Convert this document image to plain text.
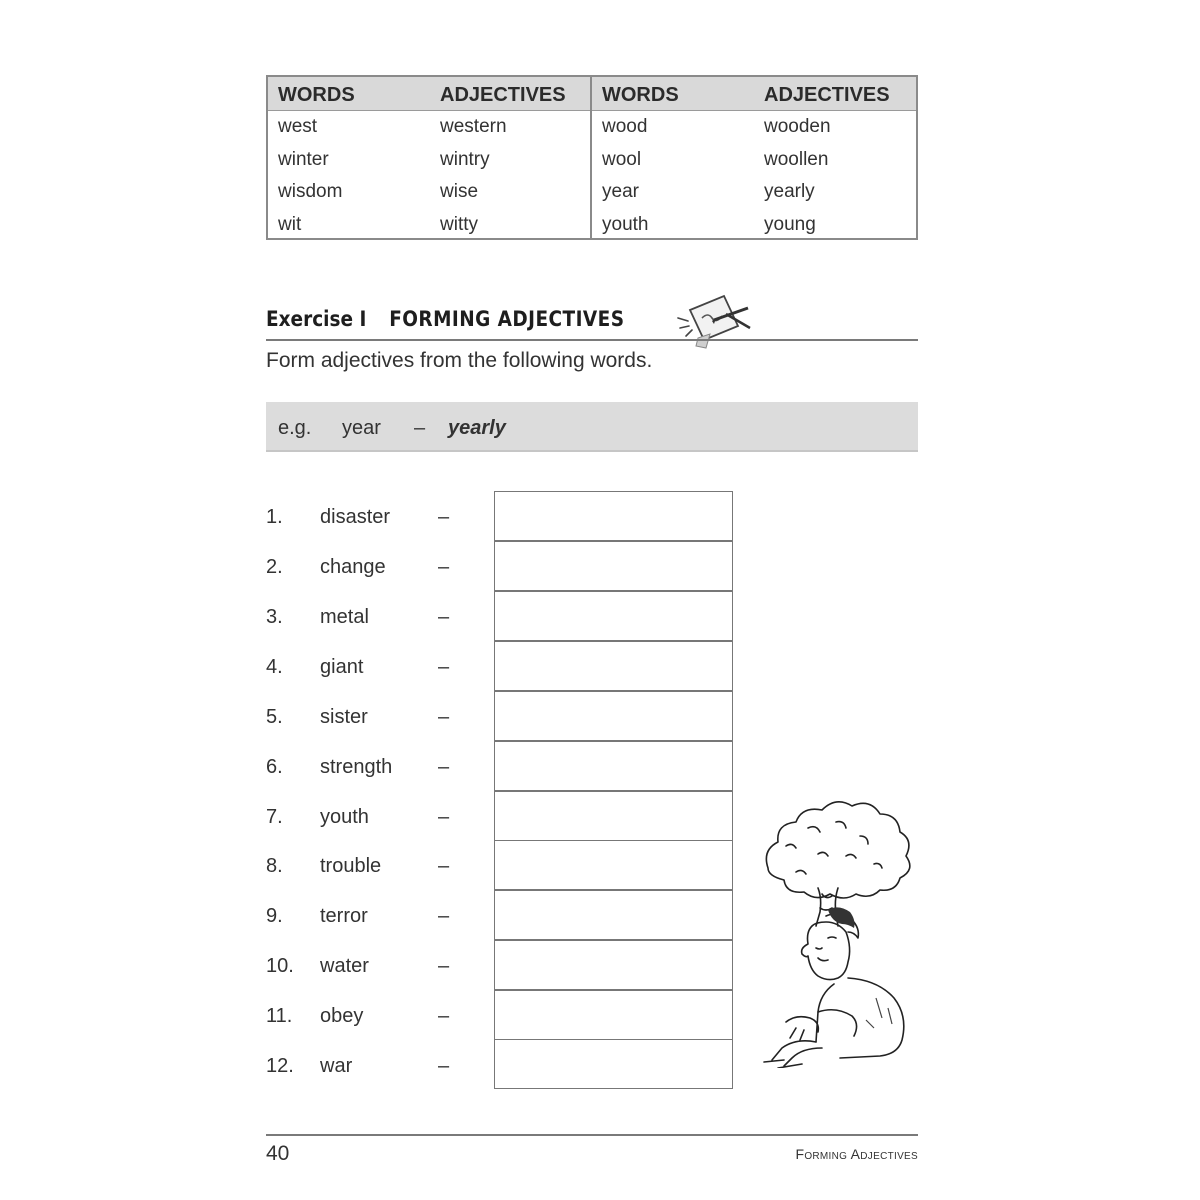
WORDS	ADJECTIVES
west	western
winter	wintry
wisdom	wise
wit	witty
WORDS	ADJECTIVES
wood	wooden
wool	woollen
year	yearly
youth	young
Exercise I FORMING ADJECTIVES
Form adjectives from the following words.
e.g. year – yearly
1. disaster –
2. change	–
3. metal	–
4. giant	–
5. sister	–
6. strength –
7. youth	–
8. trouble	–
9. terror	–
10. water	–
11. obey	–
12. war	–
40	Forming Adjectives
